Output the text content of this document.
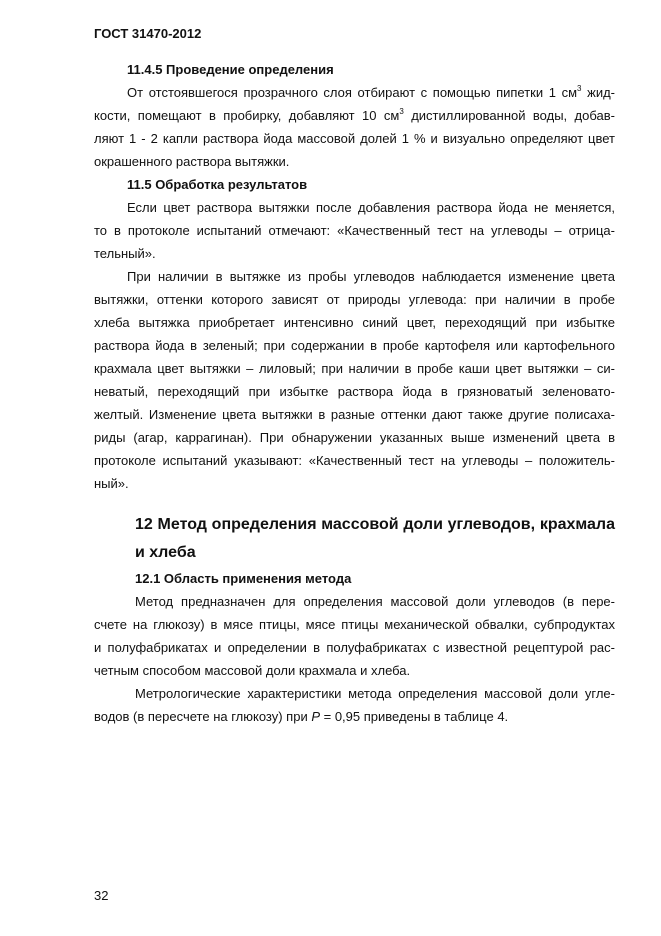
ГОСТ 31470-2012
11.4.5 Проведение определения
От отстоявшегося прозрачного слоя отбирают с помощью пипетки 1 $см^3$ жид-
кости, помещают в пробирку, добавляют 10 $см^3$ дистиллированной воды, добав-
ляют 1 - 2 капли раствора йода массовой долей 1 % и визуально определяют цвет
окрашенного раствора вытяжки.
11.5 Обработка результатов
Если цвет раствора вытяжки после добавления раствора йода не меняется,
то в протоколе испытаний отмечают: «Качественный тест на углеводы – отрица-
тельный».
При наличии в вытяжке из пробы углеводов наблюдается изменение цвета
вытяжки, оттенки которого зависят от природы углевода: при наличии в пробе
хлеба вытяжка приобретает интенсивно синий цвет, переходящий при избытке
раствора йода в зеленый; при содержании в пробе картофеля или картофельного
крахмала цвет вытяжки – лиловый; при наличии в пробе каши цвет вытяжки – си-
неватый, переходящий при избытке раствора йода в грязноватый зеленовато-
желтый. Изменение цвета вытяжки в разные оттенки дают также другие полисаха-
риды (агар, каррагинан). При обнаружении указанных выше изменений цвета в
протоколе испытаний указывают: «Качественный тест на углеводы – положитель-
ный».
12 Метод определения массовой доли углеводов, крахмала
и хлеба
12.1 Область применения метода
Метод предназначен для определения массовой доли углеводов (в пере-
счете на глюкозу) в мясе птицы, мясе птицы механической обвалки, субпродуктах
и полуфабрикатах и определении в полуфабрикатах с известной рецептурой рас-
четным способом массовой доли крахмала и хлеба.
Метрологические характеристики метода определения массовой доли угле-
водов (в пересчете на глюкозу) при P = 0,95 приведены в таблице 4.
32
